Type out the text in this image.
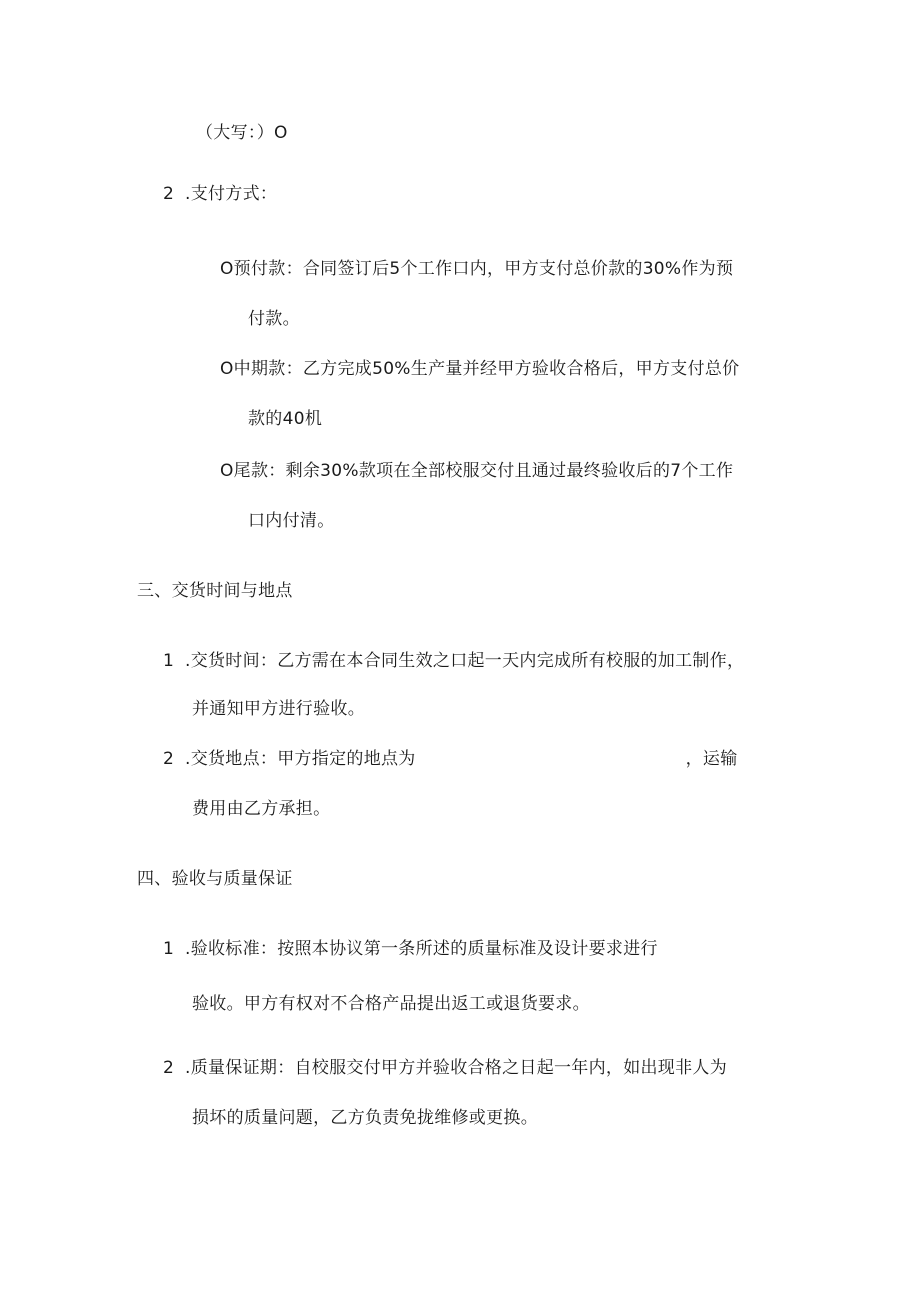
（大写：）O
2 .支付方式：
O预付款：合同签订后5个工作口内，甲方支付总价款的30%作为预
付款。
O中期款：乙方完成50%生产量并经甲方验收合格后，甲方支付总价
款的40机
O尾款：剩余30%款项在全部校服交付且通过最终验收后的7个工作
口内付清。
三、交货时间与地点
1 .交货时间：乙方需在本合同生效之口起一天内完成所有校服的加工制作，
并通知甲方进行验收。
2 .交货地点：甲方指定的地点为	，运输
费用由乙方承担。
四、验收与质量保证
1 .验收标准：按照本协议第一条所述的质量标准及设计要求进行
验收。甲方有权对不合格产品提出返工或退货要求。
2 .质量保证期：自校服交付甲方并验收合格之日起一年内，如出现非人为
损坏的质量问题，乙方负责免拢维修或更换。
